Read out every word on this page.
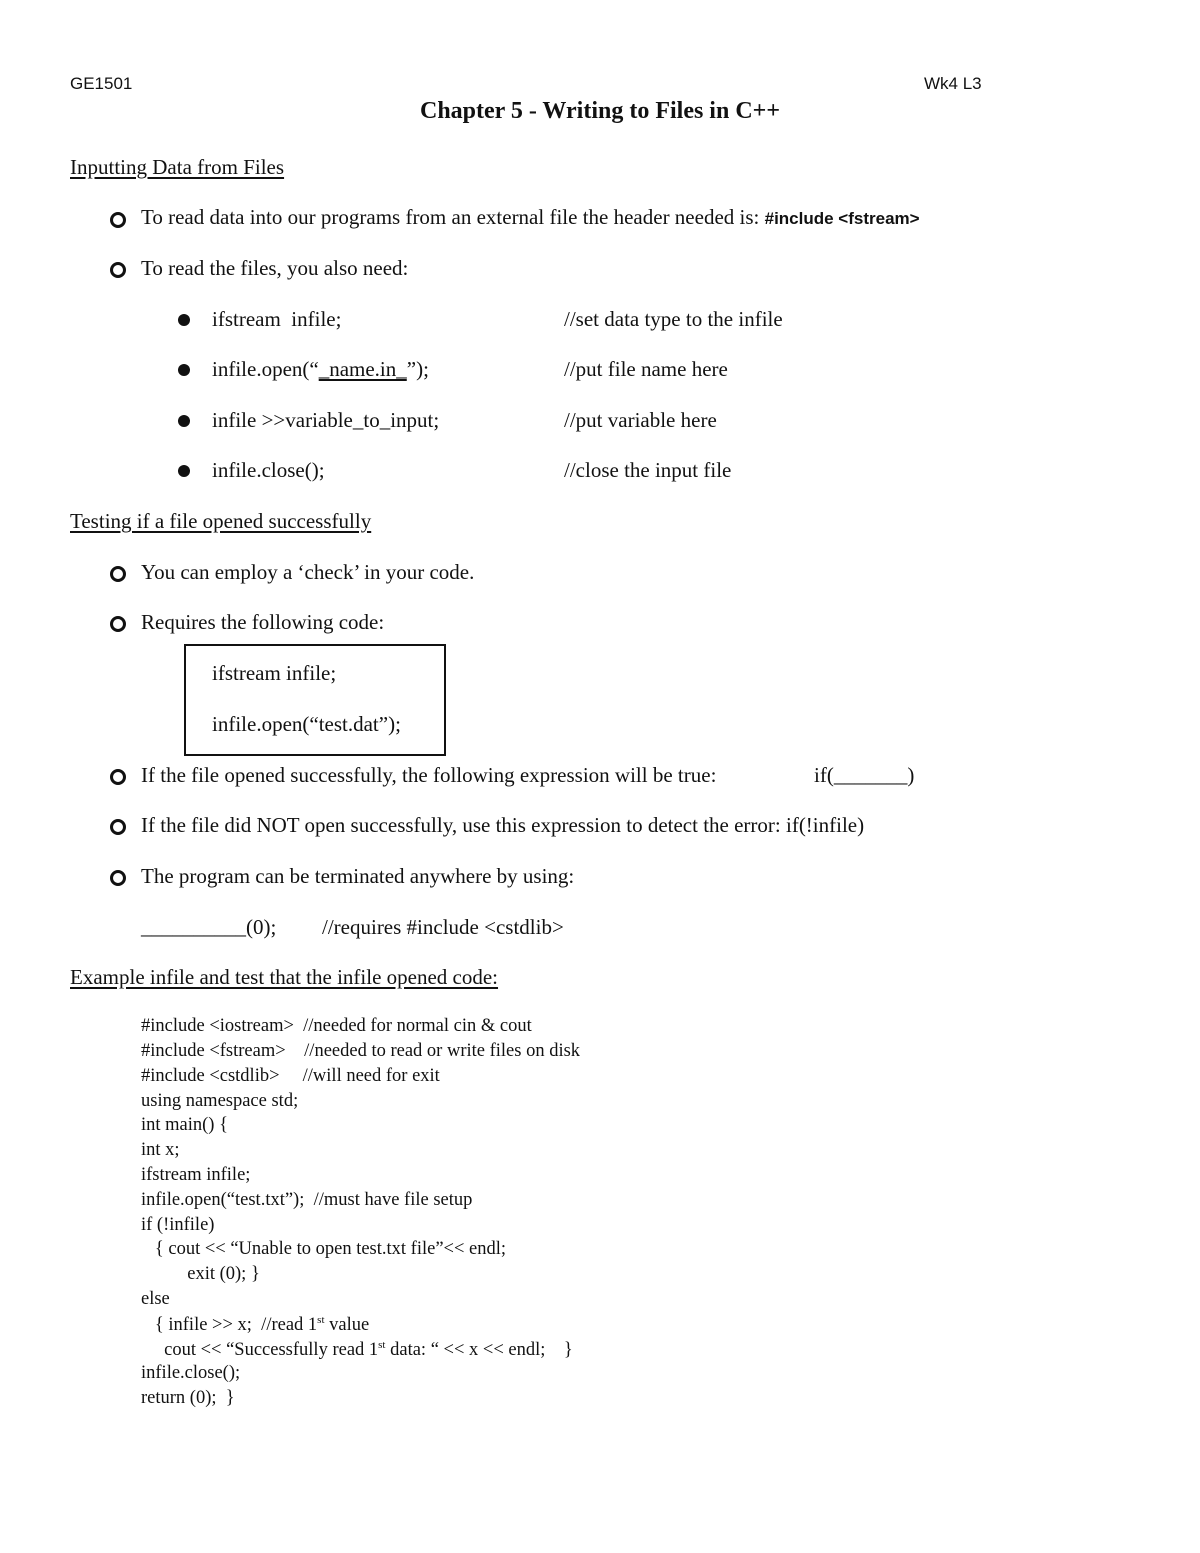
GE1501	Wk4 L3
Chapter 5 - Writing to Files in C++
Inputting Data from Files
To read data into our programs from an external file the header needed is: #include <fstream>
To read the files, you also need:
ifstream  infile;	//set data type to the infile
infile.open(“_name.in_”);	//put file name here
infile >>variable_to_input;	//put variable here
infile.close();	//close the input file
Testing if a file opened successfully
You can employ a ‘check’ in your code.
Requires the following code:
ifstream infile;
infile.open(“test.dat”);
If the file opened successfully, the following expression will be true:	if(_______)
If the file did NOT open successfully, use this expression to detect the error: if(!infile)
The program can be terminated anywhere by using:
__________(0); //requires #include <cstdlib>
Example infile and test that the infile opened code:
#include <iostream>  //needed for normal cin & cout
#include <fstream>    //needed to read or write files on disk
#include <cstdlib>     //will need for exit
using namespace std;
int main() {
int x;
ifstream infile;
infile.open(“test.txt”);  //must have file setup
if (!infile)
{ cout << “Unable to open test.txt file”<< endl;
exit (0); }
else
{ infile >> x;  //read 1st value
cout << “Successfully read 1st data: “ << x << endl;    }
infile.close();
return (0);  }
